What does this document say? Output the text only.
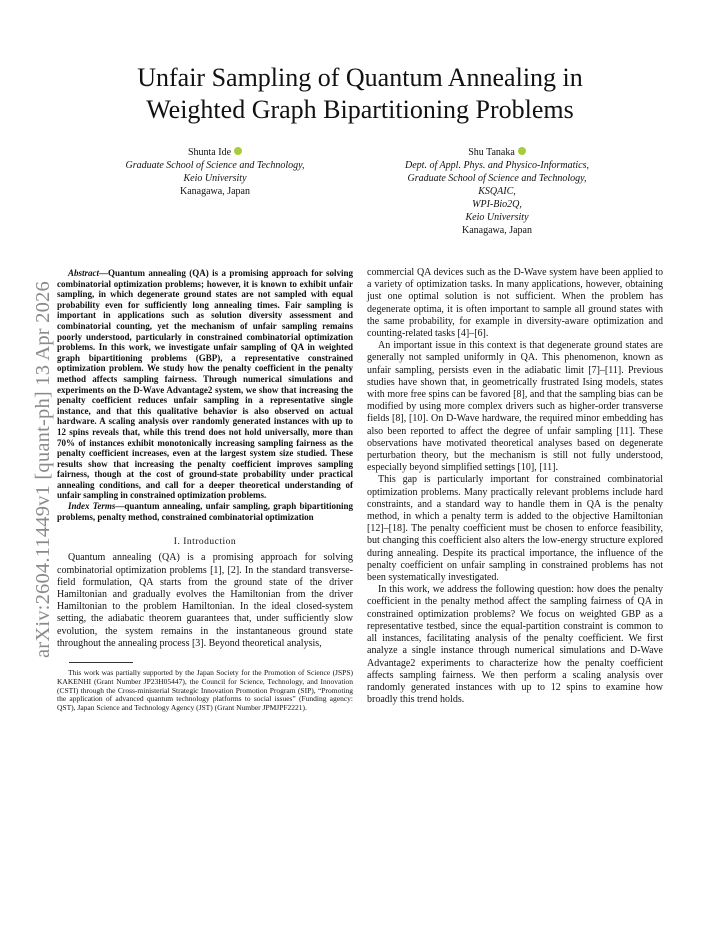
arXiv:2604.11449v1 [quant-ph] 13 Apr 2026
Unfair Sampling of Quantum Annealing in
Weighted Graph Bipartitioning Problems
Shunta Ide
Graduate School of Science and Technology,
Keio University
Kanagawa, Japan
Shu Tanaka
Dept. of Appl. Phys. and Physico-Informatics,
Graduate School of Science and Technology,
KSQAIC,
WPI-Bio2Q,
Keio University
Kanagawa, Japan

Abstract—Quantum annealing (QA) is a promising approach for solving combinatorial optimization problems; however, it is known to exhibit unfair sampling, in which degenerate ground states are not sampled with equal probability even for sufficiently long annealing times. Fair sampling is important in applications such as solution diversity assessment and combinatorial counting, yet the mechanism of unfair sampling remains poorly understood, particularly in constrained combinatorial optimization problems. In this work, we investigate unfair sampling of QA in weighted graph bipartitioning problems (GBP), a representative constrained optimization problem. We study how the penalty coefficient in the penalty method affects sampling fairness. Through numerical simulations and experiments on the D-Wave Advantage2 system, we show that increasing the penalty coefficient reduces unfair sampling in a representative single instance, and that this qualitative behavior is also observed on actual hardware. A scaling analysis over randomly generated instances with up to 12 spins reveals that, while this trend does not hold universally, more than 70% of instances exhibit monotonically increasing sampling fairness as the penalty coefficient increases, even at the largest system size studied. These results show that increasing the penalty coefficient improves sampling fairness, though at the cost of ground-state probability under practical annealing conditions, and call for a deeper theoretical understanding of unfair sampling in constrained optimization problems.

Index Terms—quantum annealing, unfair sampling, graph bipartitioning problems, penalty method, constrained combinatorial optimization

I. Introduction

Quantum annealing (QA) is a promising approach for solving combinatorial optimization problems [1], [2]. In the standard transverse-field formulation, QA starts from the ground state of the driver Hamiltonian and gradually evolves the Hamiltonian from the driver Hamiltonian to the problem Hamiltonian. In the ideal closed-system setting, the adiabatic theorem guarantees that, under sufficiently slow evolution, the system remains in the instantaneous ground state throughout the annealing process [3]. Beyond theoretical analysis,

This work was partially supported by the Japan Society for the Promotion of Science (JSPS) KAKENHI (Grant Number JP23H05447), the Council for Science, Technology, and Innovation (CSTI) through the Cross-ministerial Strategic Innovation Promotion Program (SIP), “Promoting the application of advanced quantum technology platforms to social issues” (Funding agency: QST), Japan Science and Technology Agency (JST) (Grant Number JPMJPF2221).

commercial QA devices such as the D-Wave system have been applied to a variety of optimization tasks. In many applications, however, obtaining just one optimal solution is not sufficient. When the problem has degenerate optima, it is often important to sample all ground states with the same probability, for example in diversity-aware optimization and counting-related tasks [4]–[6].

An important issue in this context is that degenerate ground states are generally not sampled uniformly in QA. This phenomenon, known as unfair sampling, persists even in the adiabatic limit [7]–[11]. Previous studies have shown that, in geometrically frustrated Ising models, states with more free spins can be favored [8], and that the sampling bias can be modified by using more complex drivers such as higher-order transverse fields [8], [10]. On D-Wave hardware, the required minor embedding has also been reported to affect the degree of unfair sampling [11]. These observations have motivated theoretical analyses based on degenerate perturbation theory, but the mechanism is still not fully understood, especially beyond simplified settings [10], [11].

This gap is particularly important for constrained combinatorial optimization problems. Many practically relevant problems include hard constraints, and a standard way to handle them in QA is the penalty method, in which a penalty term is added to the objective Hamiltonian [12]–[18]. The penalty coefficient must be chosen to enforce feasibility, but changing this coefficient also alters the low-energy structure explored during annealing. Despite its practical importance, the influence of the penalty coefficient on unfair sampling in constrained problems has not been systematically investigated.

In this work, we address the following question: how does the penalty coefficient in the penalty method affect the sampling fairness of QA in constrained optimization problems? We focus on weighted GBP as a representative testbed, since the equal-partition constraint is common to all instances, facilitating analysis of the penalty coefficient. We first analyze a single instance through numerical simulations and D-Wave Advantage2 experiments to characterize how the penalty coefficient affects sampling fairness. We then perform a scaling analysis over randomly generated instances with up to 12 spins to examine how broadly this trend holds.
